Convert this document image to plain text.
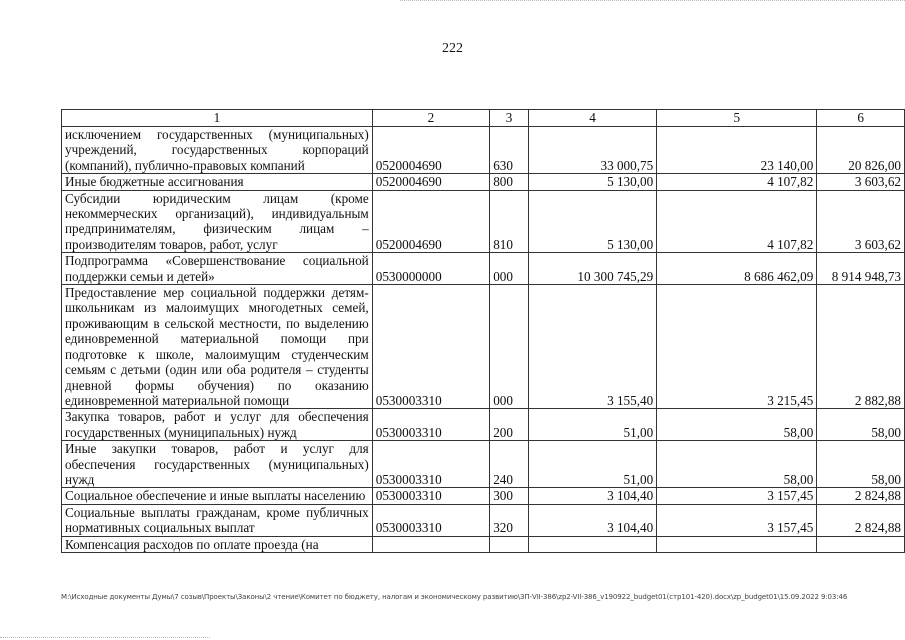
222
1	2	3	4	5	6
исключением государственных (муниципальных) учреждений, государственных корпораций (компаний), публично-правовых компаний	0520004690	630	33 000,75	23 140,00	20 826,00
Иные бюджетные ассигнования	0520004690	800	5 130,00	4 107,82	3 603,62
Субсидии юридическим лицам (кроме некоммерческих организаций), индивидуальным предпринимателям, физическим лицам – производителям товаров, работ, услуг	0520004690	810	5 130,00	4 107,82	3 603,62
Подпрограмма «Совершенствование социальной поддержки семьи и детей»	0530000000	000	10 300 745,29	8 686 462,09	8 914 948,73
Предоставление мер социальной поддержки детям-школьникам из малоимущих многодетных семей, проживающим в сельской местности, по выделению единовременной материальной помощи при подготовке к школе, малоимущим студенческим семьям с детьми (один или оба родителя – студенты дневной формы обучения) по оказанию единовременной материальной помощи	0530003310	000	3 155,40	3 215,45	2 882,88
Закупка товаров, работ и услуг для обеспечения государственных (муниципальных) нужд	0530003310	200	51,00	58,00	58,00
Иные закупки товаров, работ и услуг для обеспечения государственных (муниципальных) нужд	0530003310	240	51,00	58,00	58,00
Социальное обеспечение и иные выплаты населению	0530003310	300	3 104,40	3 157,45	2 824,88
Социальные выплаты гражданам, кроме публичных нормативных социальных выплат	0530003310	320	3 104,40	3 157,45	2 824,88
Компенсация расходов по оплате проезда (на					
M:\Исходные документы Думы\7 созыв\Проекты\Законы\2 чтение\Комитет по бюджету, налогам и экономическому развитию\ЗП-VII-386\zp2-VII-386_v190922_budget01(стр101-420).docx\zp_budget01\15.09.2022 9:03:46
